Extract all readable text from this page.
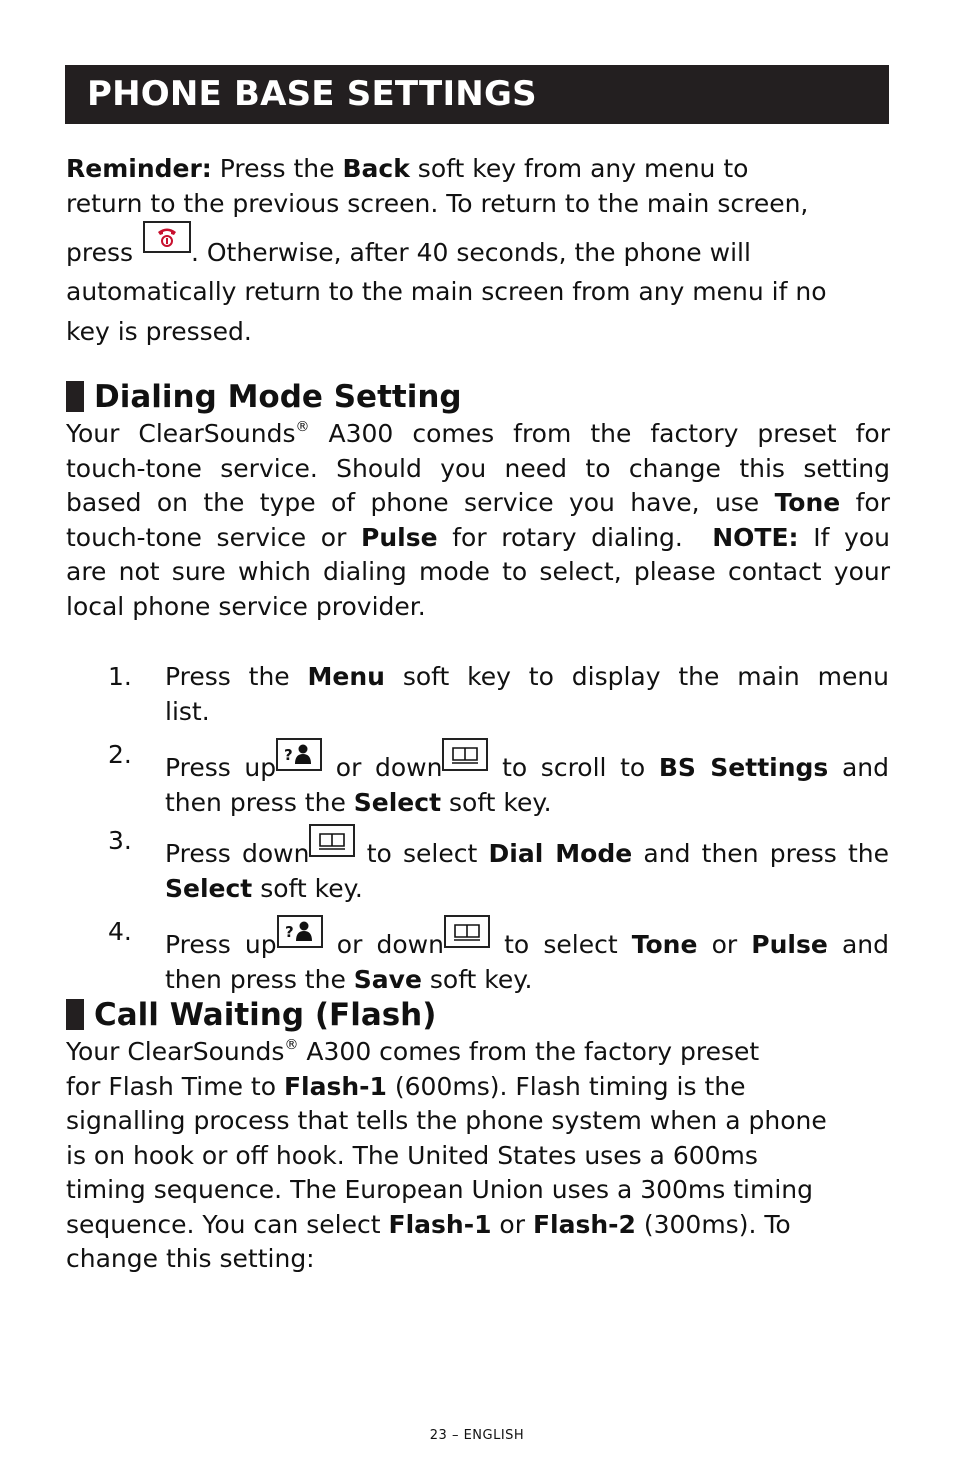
PHONE BASE SETTINGS
Reminder: Press the Back soft key from any menu to
return to the previous screen. To return to the main screen,
press
. Otherwise, after 40 seconds, the phone will
automatically return to the main screen from any menu if no
key is pressed.
Dialing Mode Setting
Your ClearSounds® A300 comes from the factory preset for
touch-tone service. Should you need to change this setting
based on the type of phone service you have, use Tone for
touch-tone service or Pulse for rotary dialing.  NOTE: If you
are not sure which dialing mode to select, please contact your
local phone service provider.
1. Press the Menu soft key to display the main menu
list.
2. Press up ? or down
to scroll to BS Settings and
then press the Select soft key.
3. Press down
to select Dial Mode and then press the
Select soft key.
4. Press up ? or down
to select Tone or Pulse and
then press the Save soft key.
Call Waiting (Flash)
Your ClearSounds® A300 comes from the factory preset
for Flash Time to Flash-1 (600ms). Flash timing is the
signalling process that tells the phone system when a phone
is on hook or off hook. The United States uses a 600ms
timing sequence. The European Union uses a 300ms timing
sequence. You can select Flash-1 or Flash-2 (300ms). To
change this setting:
23 – ENGLISH
